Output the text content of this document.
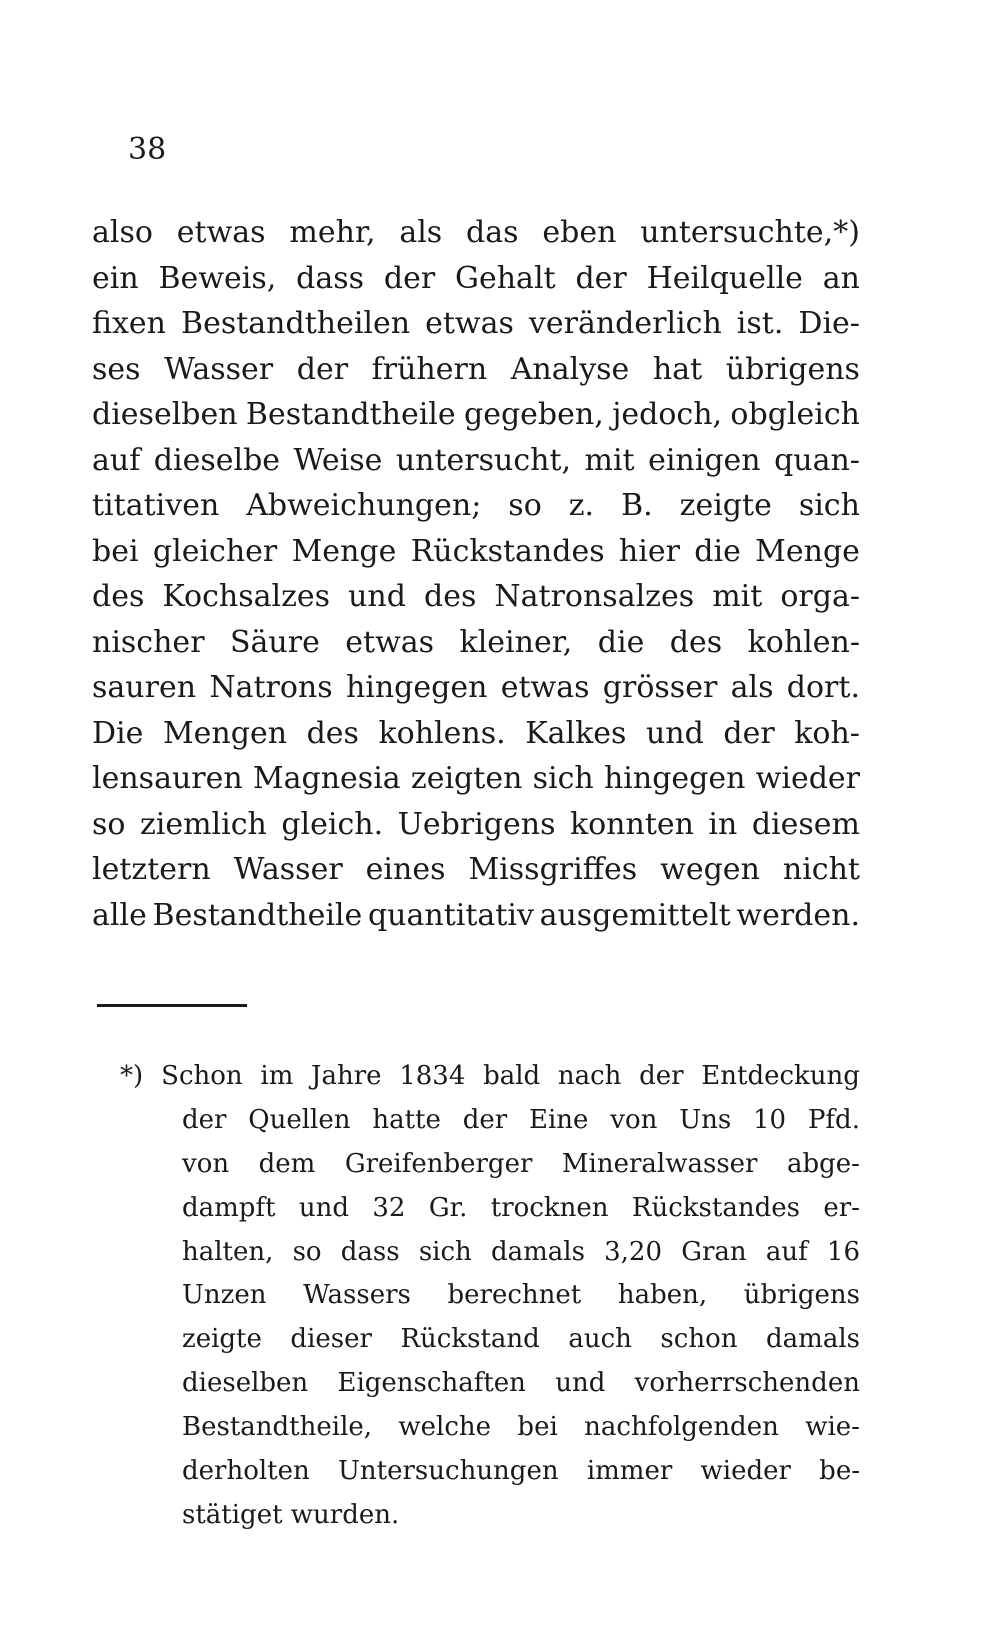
38
also etwas mehr, als das eben untersuchte,*)
ein Beweis, dass der Gehalt der Heilquelle an
fixen Bestandtheilen etwas veränderlich ist. Die-
ses Wasser der frühern Analyse hat übrigens
dieselben Bestandtheile gegeben, jedoch, obgleich
auf dieselbe Weise untersucht, mit einigen quan-
titativen Abweichungen; so z. B. zeigte sich
bei gleicher Menge Rückstandes hier die Menge
des Kochsalzes und des Natronsalzes mit orga-
nischer Säure etwas kleiner, die des kohlen-
sauren Natrons hingegen etwas grösser als dort.
Die Mengen des kohlens. Kalkes und der koh-
lensauren Magnesia zeigten sich hingegen wieder
so ziemlich gleich. Uebrigens konnten in diesem
letztern Wasser eines Missgriffes wegen nicht
alle Bestandtheile quantitativ ausgemittelt werden.
*) Schon im Jahre 1834 bald nach der Entdeckung
der Quellen hatte der Eine von Uns 10 Pfd.
von dem Greifenberger Mineralwasser abge-
dampft und 32 Gr. trocknen Rückstandes er-
halten, so dass sich damals 3,20 Gran auf 16
Unzen Wassers berechnet haben, übrigens
zeigte dieser Rückstand auch schon damals
dieselben Eigenschaften und vorherrschenden
Bestandtheile, welche bei nachfolgenden wie-
derholten Untersuchungen immer wieder be-
stätiget wurden.
